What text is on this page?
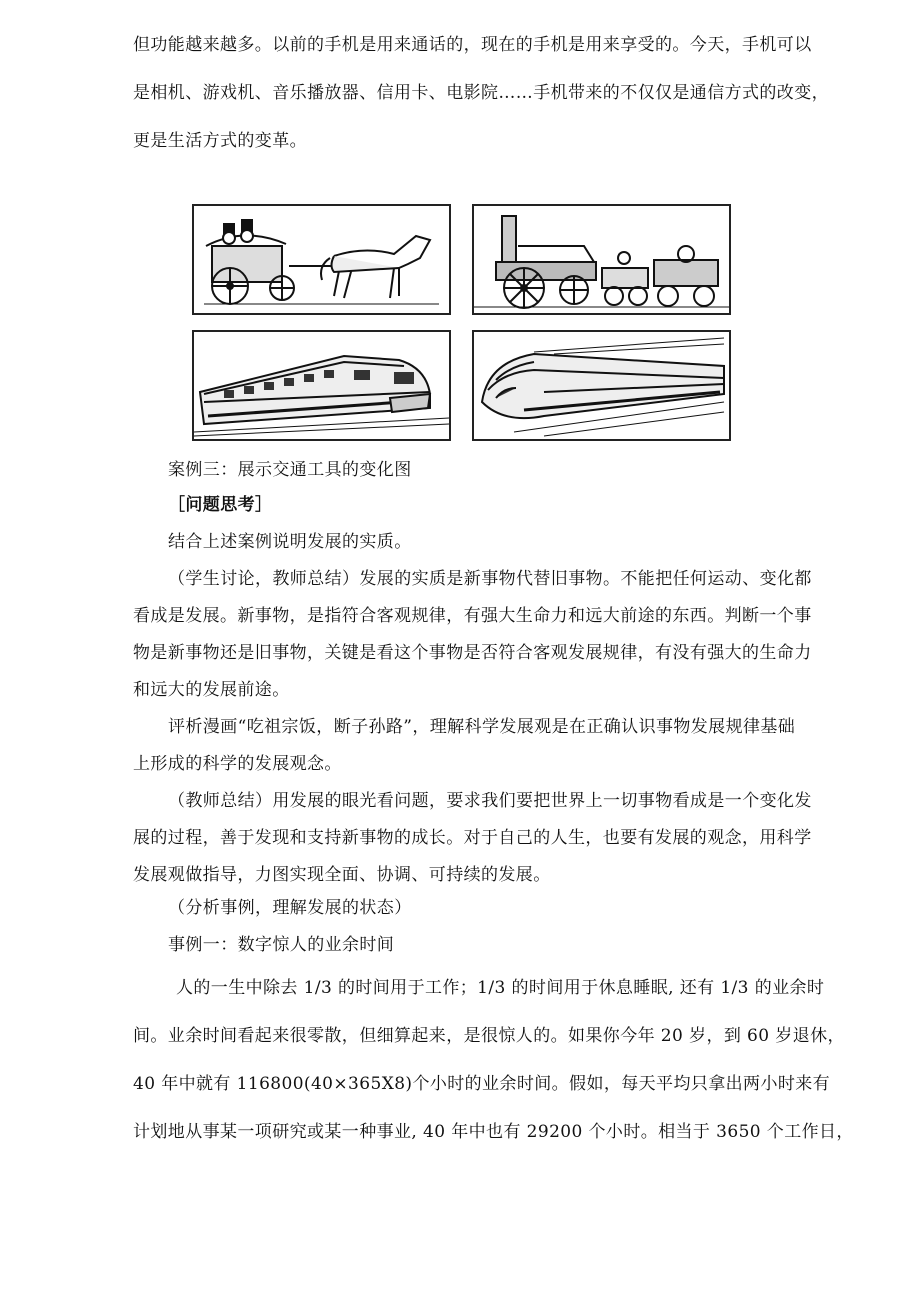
但功能越来越多。以前的手机是用来通话的，现在的手机是用来享受的。今天，手机可以
是相机、游戏机、音乐播放器、信用卡、电影院……手机带来的不仅仅是通信方式的改变，
更是生活方式的变革。
案例三：展示交通工具的变化图
［问题思考］
结合上述案例说明发展的实质。
（学生讨论，教师总结）发展的实质是新事物代替旧事物。不能把任何运动、变化都
看成是发展。新事物，是指符合客观规律，有强大生命力和远大前途的东西。判断一个事
物是新事物还是旧事物，关键是看这个事物是否符合客观发展规律，有没有强大的生命力
和远大的发展前途。
评析漫画“吃祖宗饭，断子孙路”，理解科学发展观是在正确认识事物发展规律基础
上形成的科学的发展观念。
（教师总结）用发展的眼光看问题，要求我们要把世界上一切事物看成是一个变化发
展的过程，善于发现和支持新事物的成长。对于自己的人生，也要有发展的观念，用科学
发展观做指导，力图实现全面、协调、可持续的发展。
（分析事例，理解发展的状态）
事例一：数字惊人的业余时间
人的一生中除去 1/3 的时间用于工作；1/3 的时间用于休息睡眠, 还有 1/3 的业余时
间。业余时间看起来很零散，但细算起来，是很惊人的。如果你今年 20 岁，到 60 岁退休，
40 年中就有 116800(40×365X8)个小时的业余时间。假如，每天平均只拿出两小时来有
计划地从事某一项研究或某一种事业, 40 年中也有 29200 个小时。相当于 3650 个工作日，
